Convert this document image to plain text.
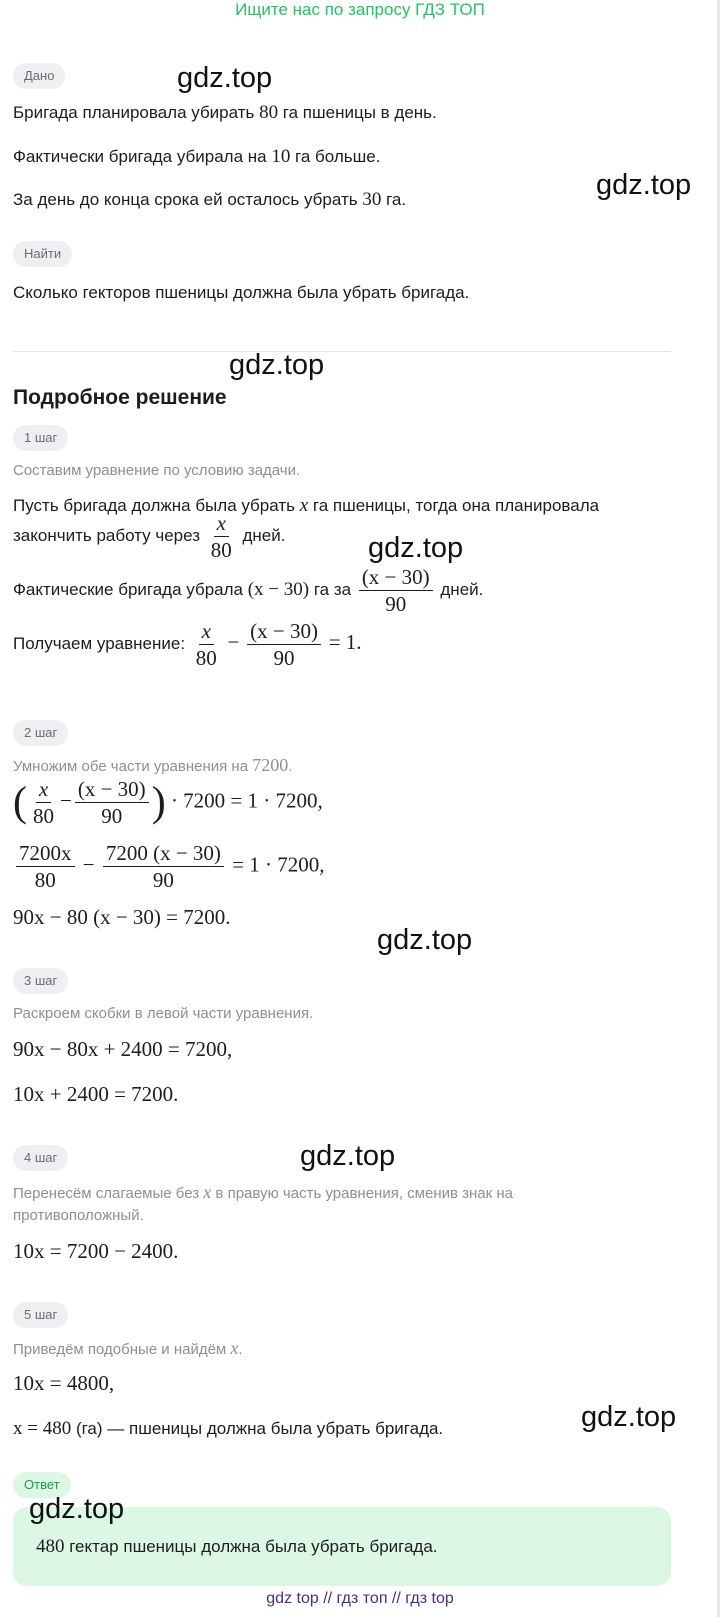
Ищите нас по запросу ГДЗ ТОП
Дано
Бригада планировала убирать 80 га пшеницы в день.
Фактически бригада убирала на 10 га больше.
За день до конца срока ей осталось убрать 30 га.
Найти
Сколько гекторов пшеницы должна была убрать бригада.
Подробное решение
1 шаг
Составим уравнение по условию задачи.
Пусть бригада должна была убрать x га пшеницы, тогда она планировала
закончить работу через $\frac{x}{80}$ дней.
Фактические бригада убрала (x − 30) га за $\frac{(x - 30)}{90}$ дней.
Получаем уравнение: $\frac{x}{80} - \frac{(x - 30)}{90} = 1$.
2 шаг
Умножим обе части уравнения на 7200.
( $\frac{x}{80} - \frac{(x - 30)}{90}$ ) · 7200 = 1 · 7200,
$\frac{7200x}{80} - \frac{7200 (x - 30)}{90} = 1 \cdot 7200$,
90x − 80 (x − 30) = 7200.
3 шаг
Раскроем скобки в левой части уравнения.
90x − 80x + 2400 = 7200,
10x + 2400 = 7200.
4 шаг
Перенесём слагаемые без x в правую часть уравнения, сменив знак на
противоположный.
10x = 7200 − 2400.
5 шаг
Приведём подобные и найдём x.
10x = 4800,
x = 480 (га) — пшеницы должна была убрать бригада.
Ответ
480 гектар пшеницы должна была убрать бригада.
gdz.top
gdz.top
gdz.top
gdz.top
gdz.top
gdz.top
gdz.top
gdz.top
gdz top // гдз топ // гдз top
